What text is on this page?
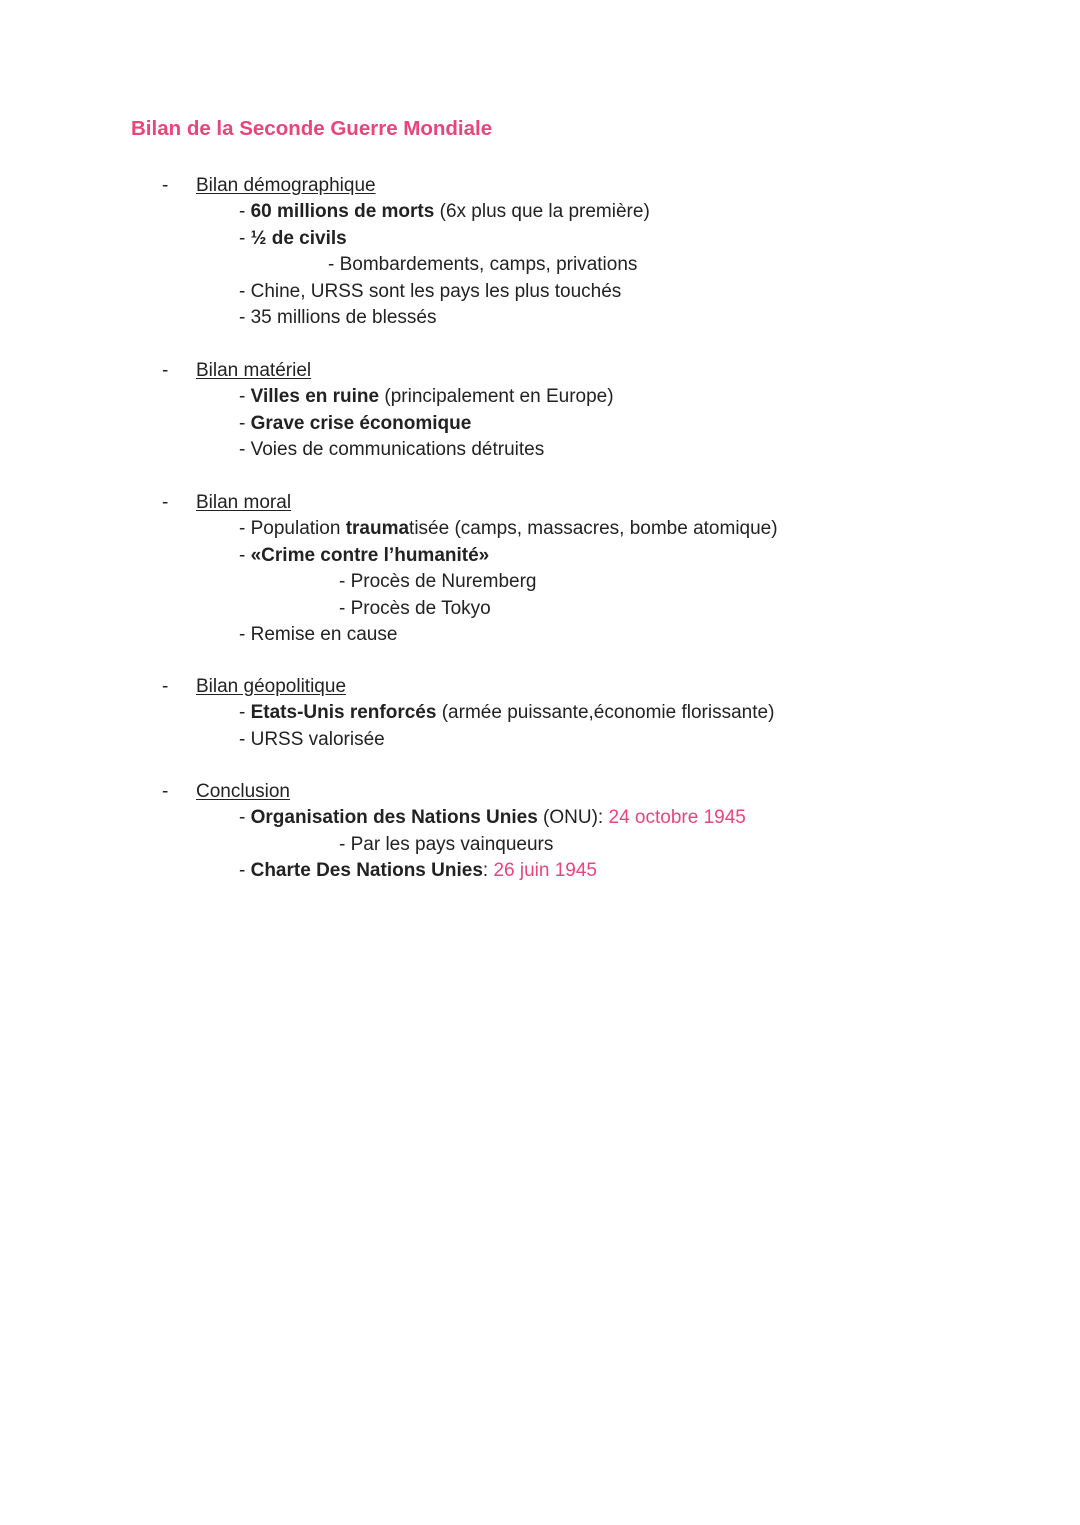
Bilan de la Seconde Guerre Mondiale
- Bilan démographique
- 60 millions de morts (6x plus que la première)
- ½ de civils
- Bombardements, camps, privations
- Chine, URSS sont les pays les plus touchés
- 35 millions de blessés
- Bilan matériel
- Villes en ruine (principalement en Europe)
- Grave crise économique
- Voies de communications détruites
- Bilan moral
- Population traumatisée (camps, massacres, bombe atomique)
- «Crime contre l’humanité»
- Procès de Nuremberg
- Procès de Tokyo
- Remise en cause
- Bilan géopolitique
- Etats-Unis renforcés (armée puissante,économie florissante)
- URSS valorisée
- Conclusion
- Organisation des Nations Unies (ONU): 24 octobre 1945
- Par les pays vainqueurs
- Charte Des Nations Unies: 26 juin 1945
